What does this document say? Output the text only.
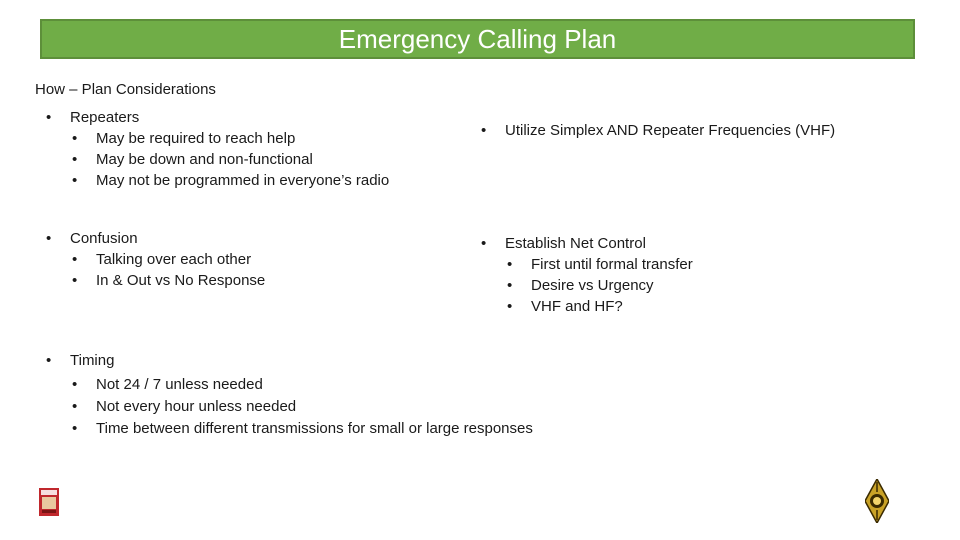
Emergency Calling Plan
How – Plan Considerations
•	Repeaters
•	May be required to reach help
•	May be down and non-functional
•	May not be programmed in everyone’s radio
•	Utilize Simplex AND Repeater Frequencies (VHF)
•	Confusion
•	Talking over each other
•	In & Out vs No Response
•	Establish Net Control
•	First until formal transfer
•	Desire vs Urgency
•	VHF and HF?
•	Timing
•	Not 24 / 7 unless needed
•	Not every hour unless needed
•	Time between different transmissions for small or large responses
